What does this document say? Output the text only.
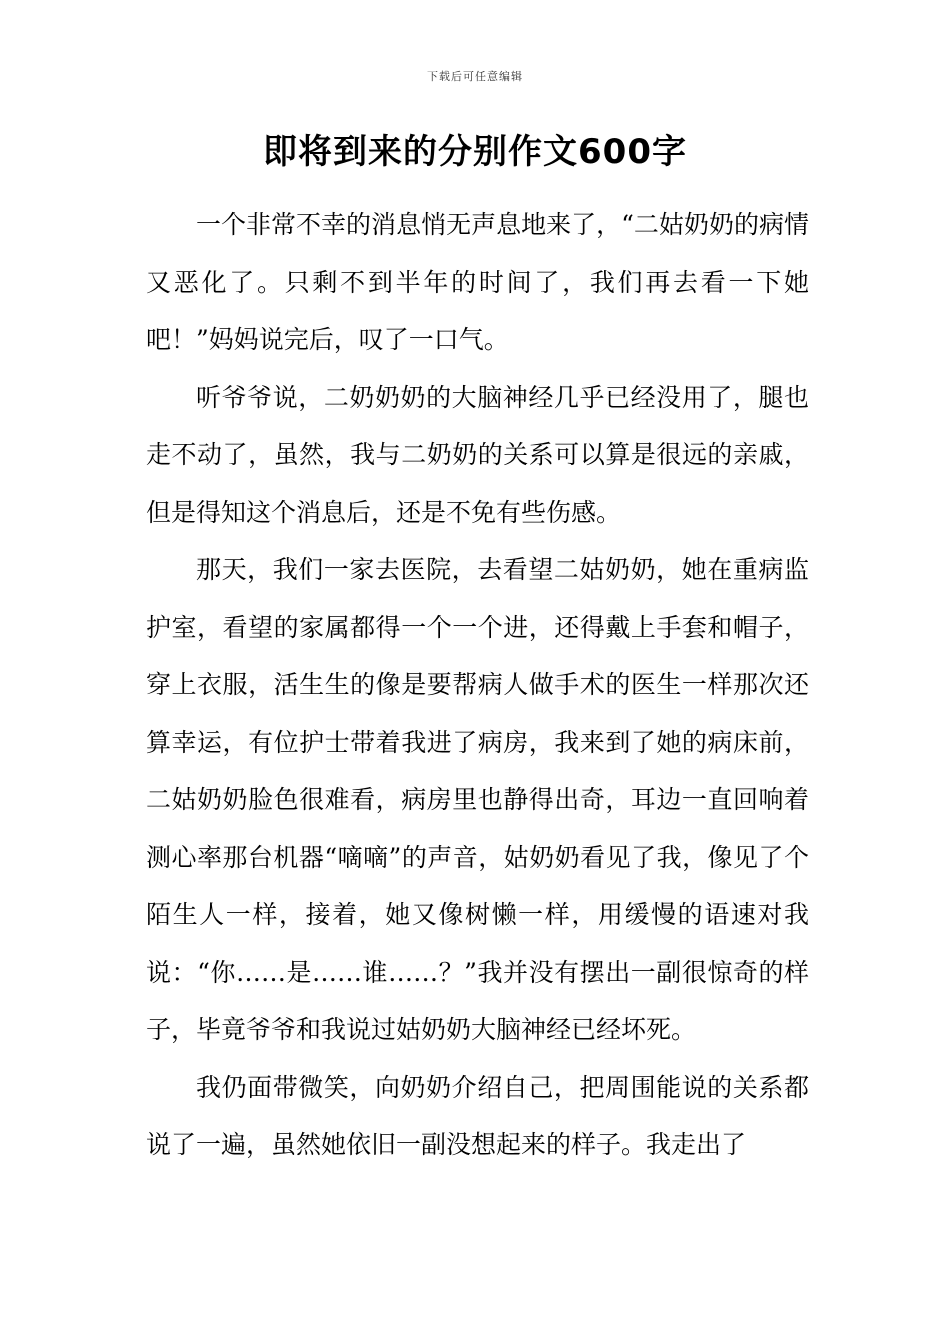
下载后可任意编辑
即将到来的分别作文600字

一个非常不幸的消息悄无声息地来了，“二姑奶奶的病情又恶化了。只剩不到半年的时间了，我们再去看一下她吧！”妈妈说完后，叹了一口气。

听爷爷说，二奶奶奶的大脑神经几乎已经没用了，腿也走不动了，虽然，我与二奶奶的关系可以算是很远的亲戚，但是得知这个消息后，还是不免有些伤感。

那天，我们一家去医院，去看望二姑奶奶，她在重病监护室，看望的家属都得一个一个进，还得戴上手套和帽子，穿上衣服，活生生的像是要帮病人做手术的医生一样那次还算幸运，有位护士带着我进了病房，我来到了她的病床前，二姑奶奶脸色很难看，病房里也静得出奇，耳边一直回响着测心率那台机器“嘀嘀”的声音，姑奶奶看见了我，像见了个陌生人一样，接着，她又像树懒一样，用缓慢的语速对我说：“你……是……谁……？”我并没有摆出一副很惊奇的样子，毕竟爷爷和我说过姑奶奶大脑神经已经坏死。

我仍面带微笑，向奶奶介绍自己，把周围能说的关系都说了一遍，虽然她依旧一副没想起来的样子。我走出了
